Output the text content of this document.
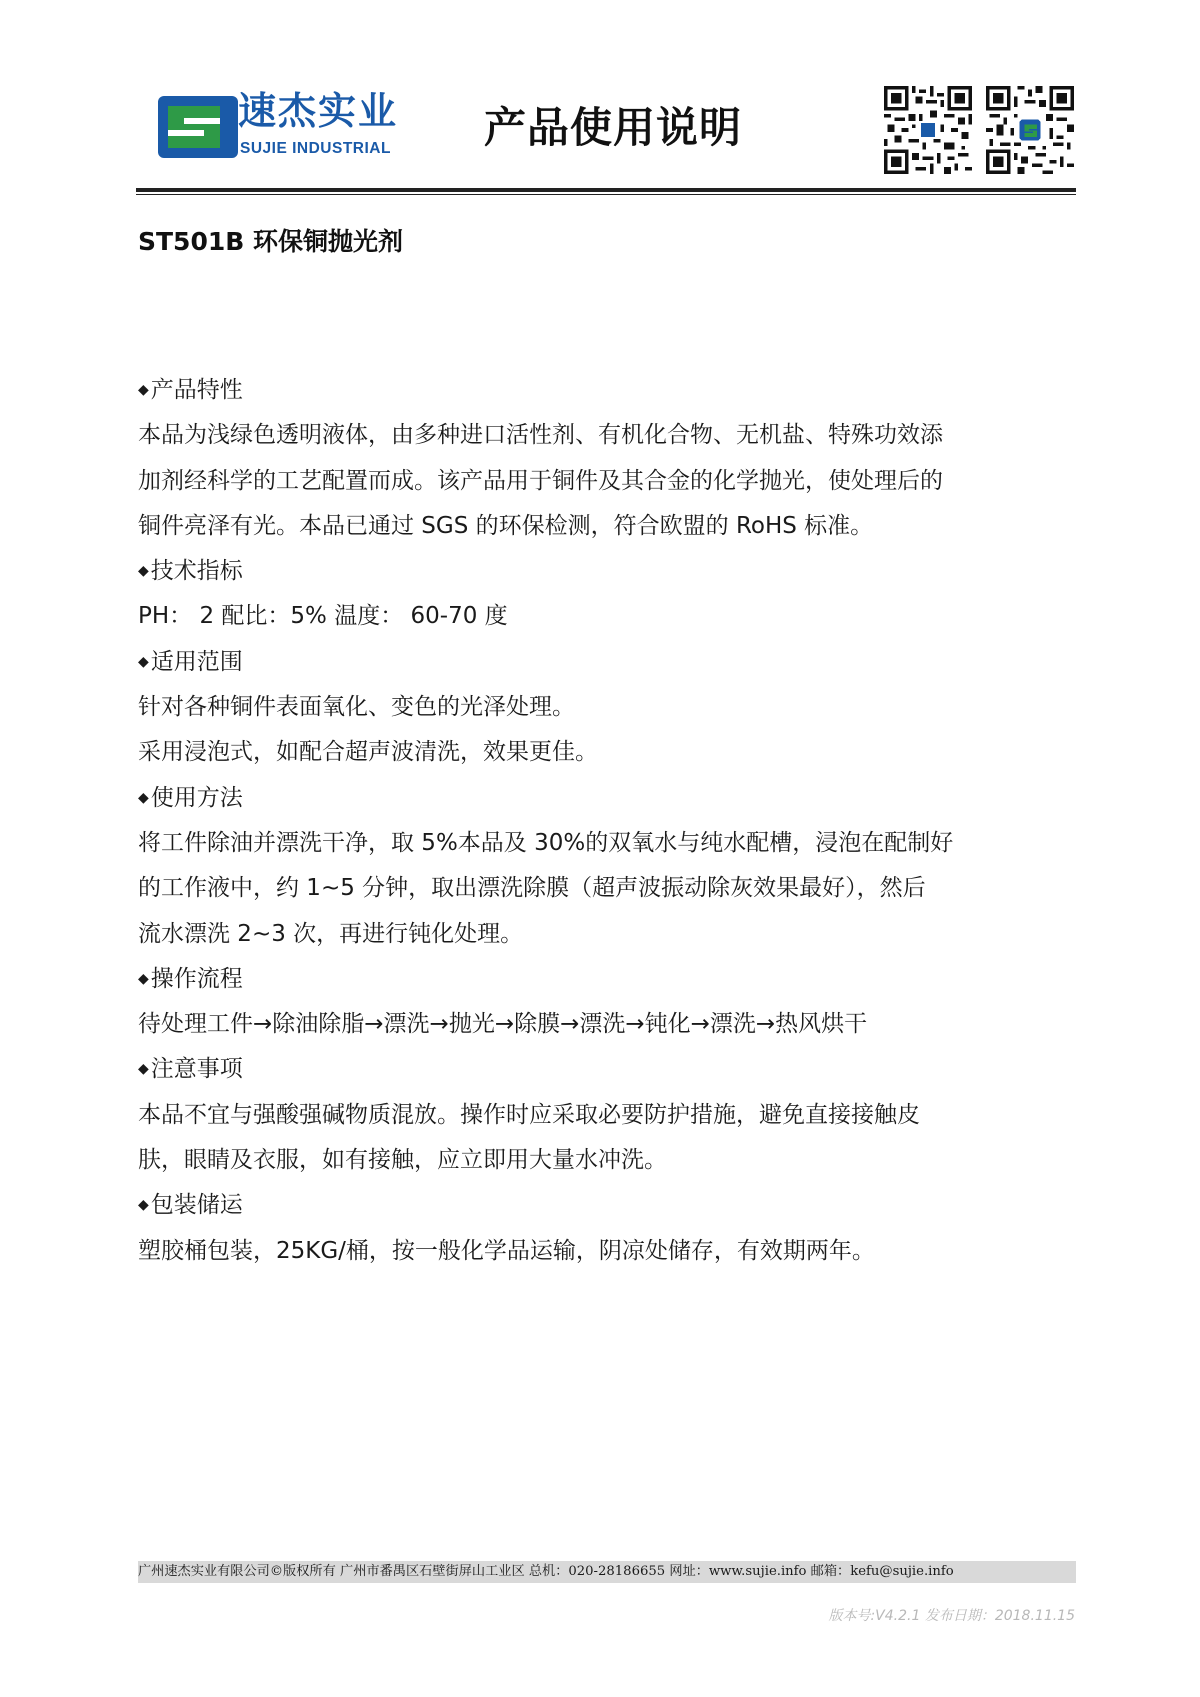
速杰实业
SUJIE INDUSTRIAL 产品使用说明
ST501B 环保铜抛光剂
◆产品特性
本品为浅绿色透明液体，由多种进口活性剂、有机化合物、无机盐、特殊功效添
加剂经科学的工艺配置而成。该产品用于铜件及其合金的化学抛光，使处理后的
铜件亮泽有光。本品已通过 SGS 的环保检测，符合欧盟的 RoHS 标准。
◆技术指标
PH： 2 配比：5% 温度： 60-70 度
◆适用范围
针对各种铜件表面氧化、变色的光泽处理。
采用浸泡式，如配合超声波清洗，效果更佳。
◆使用方法
将工件除油并漂洗干净，取 5%本品及 30%的双氧水与纯水配槽，浸泡在配制好
的工作液中，约 1~5 分钟，取出漂洗除膜（超声波振动除灰效果最好），然后
流水漂洗 2~3 次，再进行钝化处理。
◆操作流程
待处理工件→除油除脂→漂洗→抛光→除膜→漂洗→钝化→漂洗→热风烘干
◆注意事项
本品不宜与强酸强碱物质混放。操作时应采取必要防护措施，避免直接接触皮
肤，眼睛及衣服，如有接触，应立即用大量水冲洗。
◆包装储运
塑胶桶包装，25KG/桶，按一般化学品运输，阴凉处储存，有效期两年。
广州速杰实业有限公司©版权所有 广州市番禺区石壁街屏山工业区 总机：020-28186655 网址：www.sujie.info 邮箱：kefu@sujie.info
版本号:V4.2.1 发布日期：2018.11.15
